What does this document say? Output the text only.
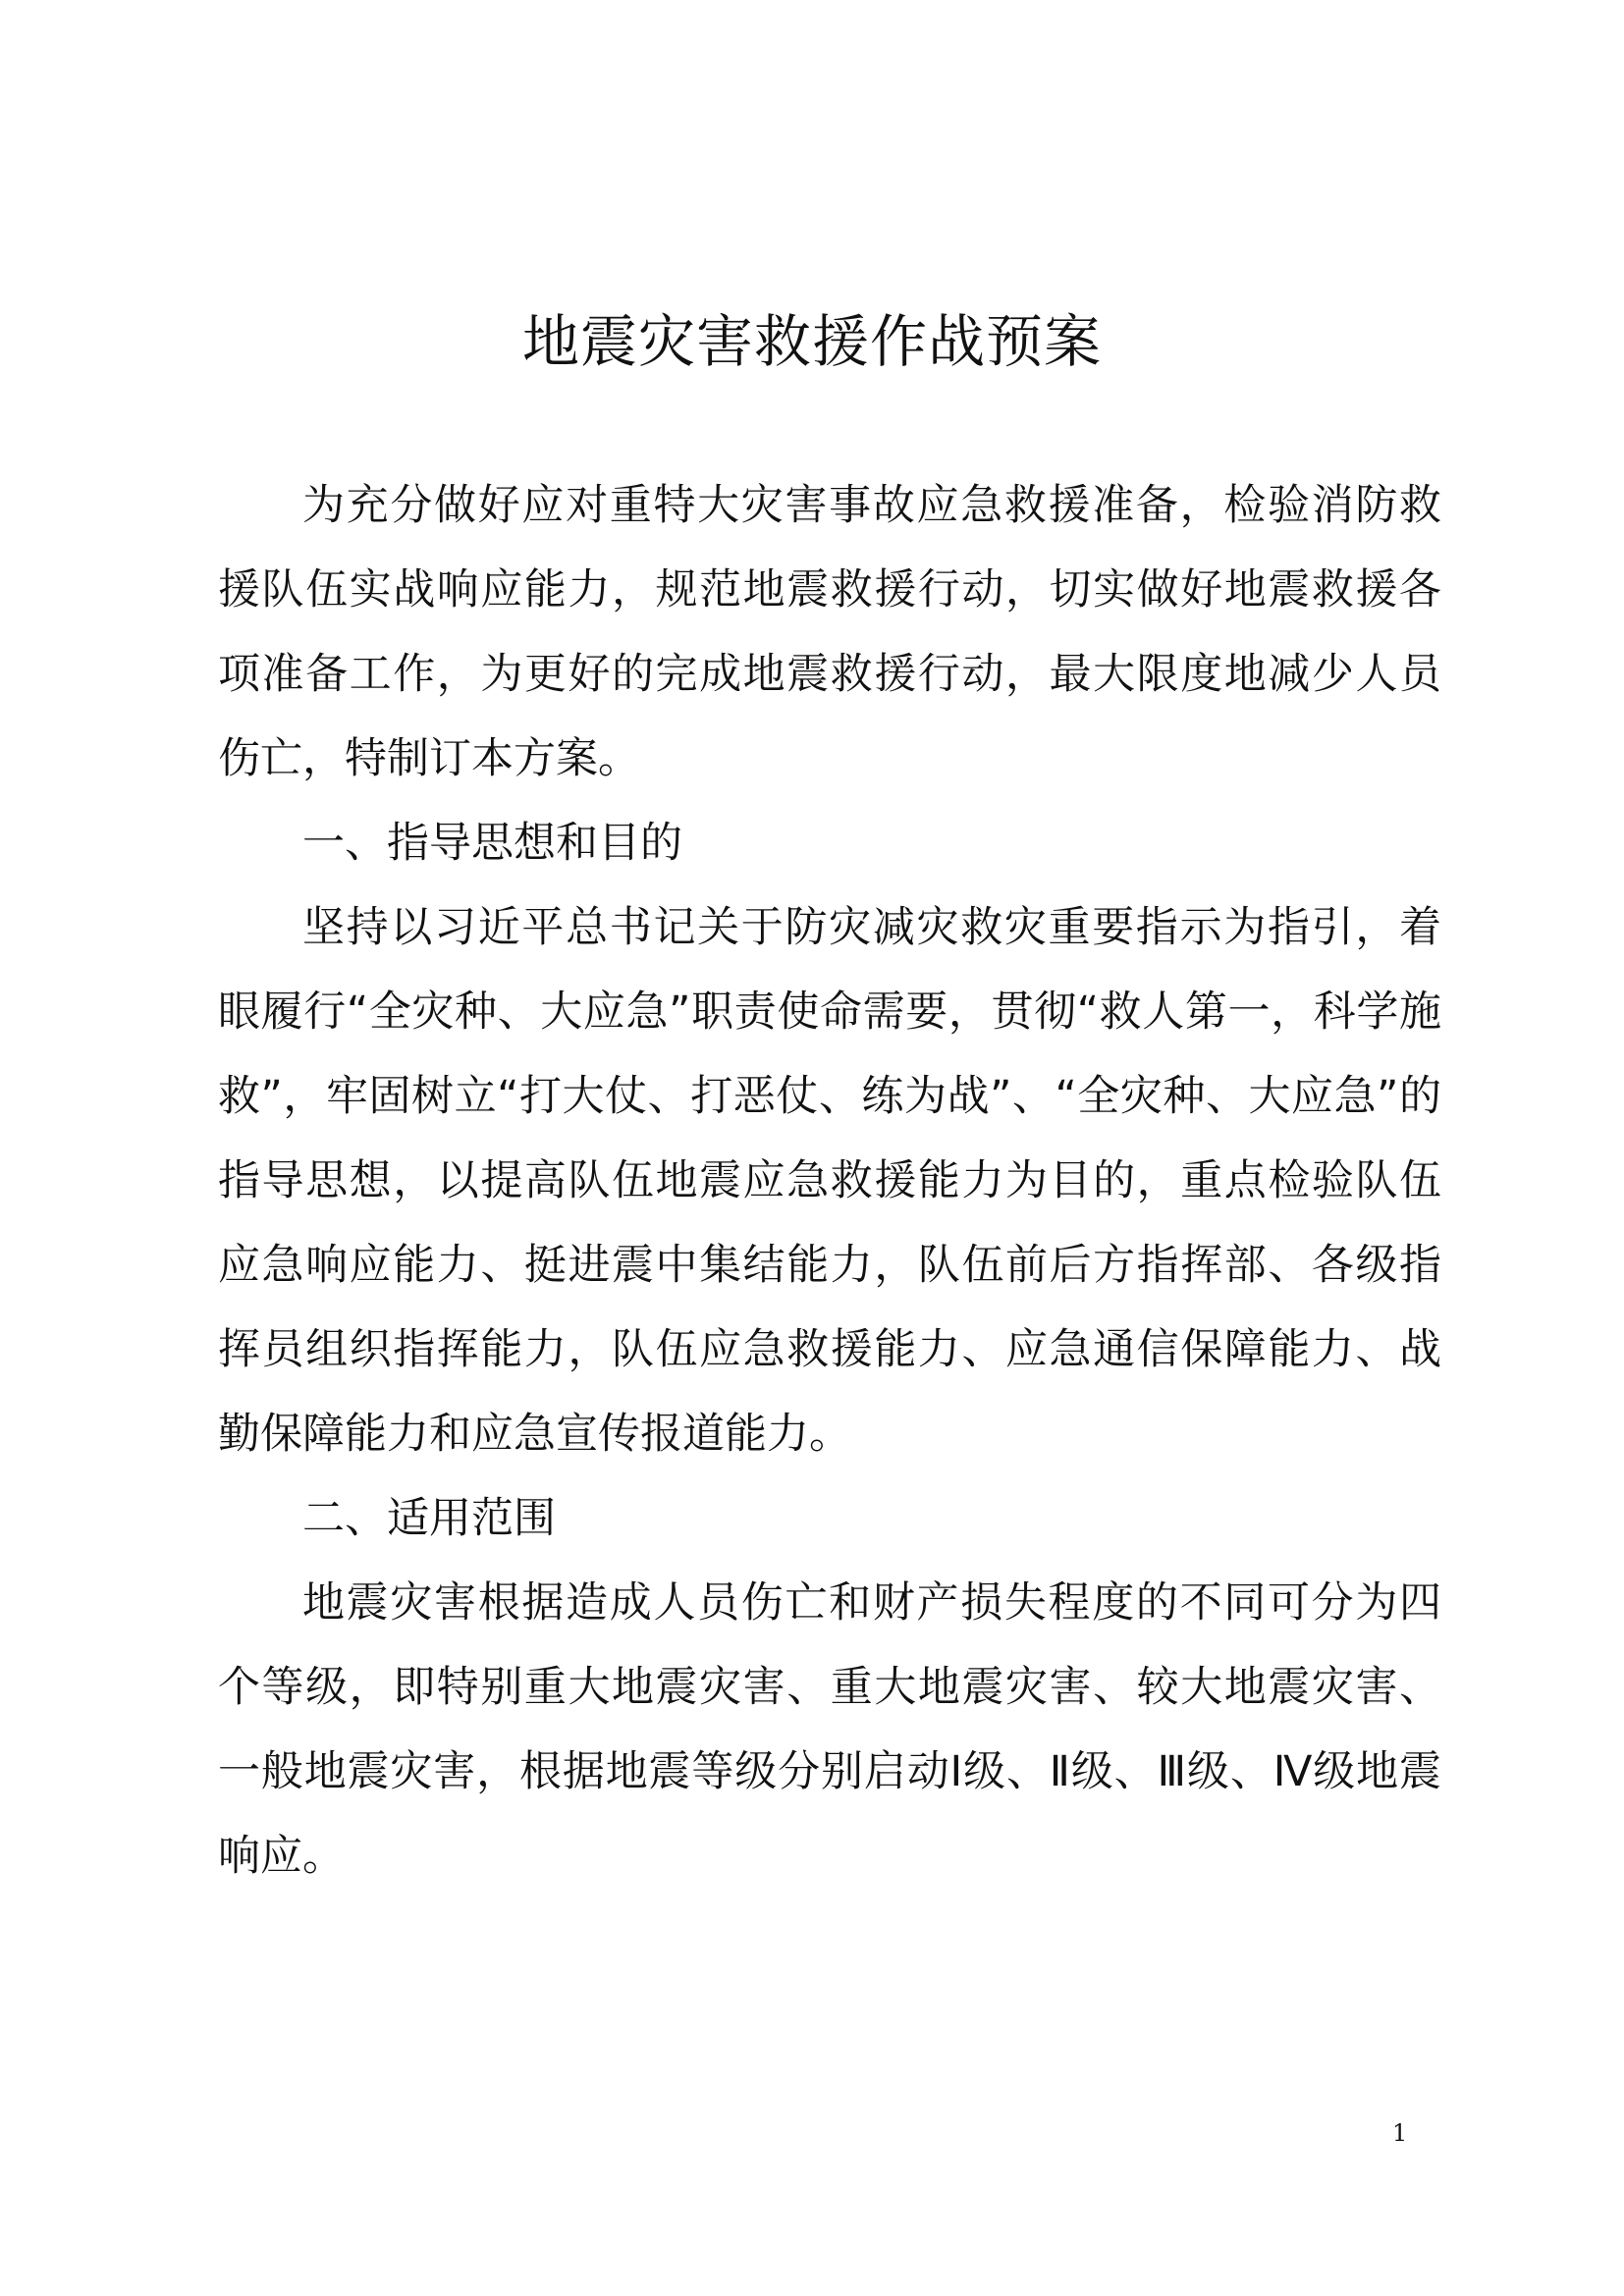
地震灾害救援作战预案

为充分做好应对重特大灾害事故应急救援准备，检验消防救援队伍实战响应能力，规范地震救援行动，切实做好地震救援各项准备工作，为更好的完成地震救援行动，最大限度地减少人员伤亡，特制订本方案。

一、指导思想和目的

坚持以习近平总书记关于防灾减灾救灾重要指示为指引，着眼履行“全灾种、大应急”职责使命需要，贯彻“救人第一，科学施救”，牢固树立“打大仗、打恶仗、练为战”、“全灾种、大应急”的指导思想，以提高队伍地震应急救援能力为目的，重点检验队伍应急响应能力、挺进震中集结能力，队伍前后方指挥部、各级指挥员组织指挥能力，队伍应急救援能力、应急通信保障能力、战勤保障能力和应急宣传报道能力。

二、适用范围

地震灾害根据造成人员伤亡和财产损失程度的不同可分为四个等级，即特别重大地震灾害、重大地震灾害、较大地震灾害、一般地震灾害，根据地震等级分别启动Ⅰ级、Ⅱ级、Ⅲ级、Ⅳ级地震响应。

1
